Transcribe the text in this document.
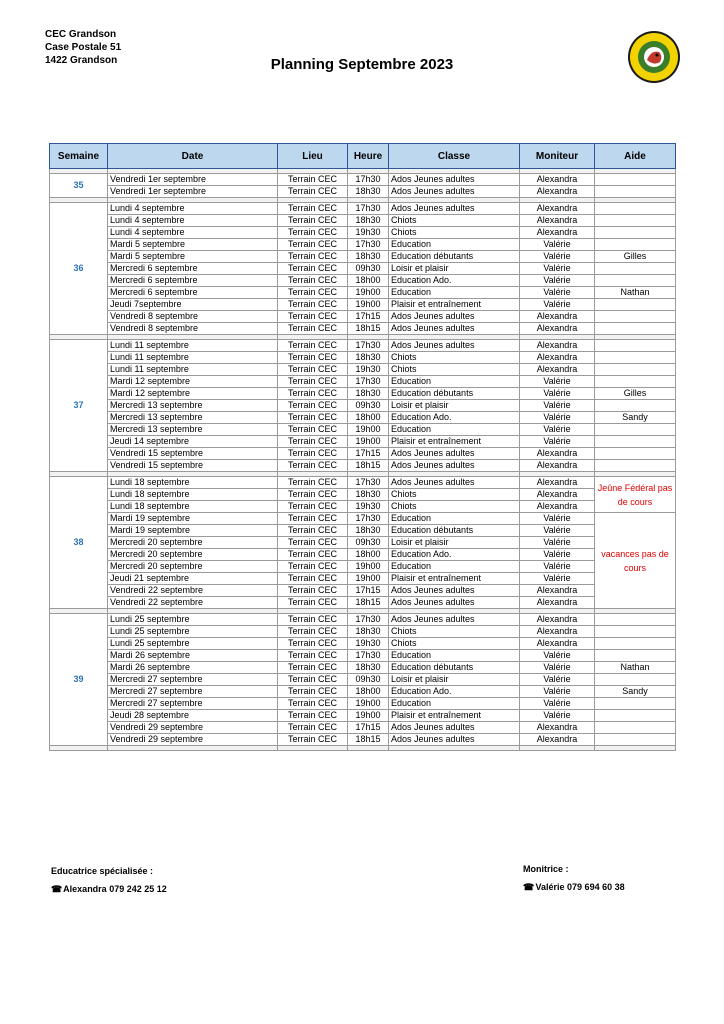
CEC Grandson
Case Postale 51
1422 Grandson	Planning Septembre 2023
Semaine	Date	Lieu	Heure	Classe	Moniteur	Aide

35	Vendredi 1er septembre	Terrain CEC	17h30	Ados Jeunes adultes	Alexandra	
	Vendredi 1er septembre	Terrain CEC	18h30	Ados Jeunes adultes	Alexandra	

36	Lundi 4 septembre	Terrain CEC	17h30	Ados Jeunes adultes	Alexandra	
	Lundi 4 septembre	Terrain CEC	18h30	Chiots	Alexandra	
	Lundi 4 septembre	Terrain CEC	19h30	Chiots	Alexandra	
	Mardi 5 septembre	Terrain CEC	17h30	Education	Valérie	
	Mardi 5 septembre	Terrain CEC	18h30	Education débutants	Valérie	Gilles
	Mercredi 6 septembre	Terrain CEC	09h30	Loisir et plaisir	Valérie	
	Mercredi 6 septembre	Terrain CEC	18h00	Education Ado.	Valérie	
	Mercredi 6 septembre	Terrain CEC	19h00	Education	Valérie	Nathan
	Jeudi 7septembre	Terrain CEC	19h00	Plaisir et entraînement	Valérie	
	Vendredi 8 septembre	Terrain CEC	17h15	Ados Jeunes adultes	Alexandra	
	Vendredi 8 septembre	Terrain CEC	18h15	Ados Jeunes adultes	Alexandra	

37	Lundi 11 septembre	Terrain CEC	17h30	Ados Jeunes adultes	Alexandra	
	Lundi 11 septembre	Terrain CEC	18h30	Chiots	Alexandra	
	Lundi 11 septembre	Terrain CEC	19h30	Chiots	Alexandra	
	Mardi 12 septembre	Terrain CEC	17h30	Education	Valérie	
	Mardi 12 septembre	Terrain CEC	18h30	Education débutants	Valérie	Gilles
	Mercredi 13 septembre	Terrain CEC	09h30	Loisir et plaisir	Valérie	
	Mercredi 13 septembre	Terrain CEC	18h00	Education Ado.	Valérie	Sandy
	Mercredi 13 septembre	Terrain CEC	19h00	Education	Valérie	
	Jeudi 14 septembre	Terrain CEC	19h00	Plaisir et entraînement	Valérie	
	Vendredi 15 septembre	Terrain CEC	17h15	Ados Jeunes adultes	Alexandra	
	Vendredi 15 septembre	Terrain CEC	18h15	Ados Jeunes adultes	Alexandra	

38	Lundi 18 septembre	Terrain CEC	17h30	Ados Jeunes adultes	Alexandra	Jeûne Fédéral pas de cours
	Lundi 18 septembre	Terrain CEC	18h30	Chiots	Alexandra	
	Lundi 18 septembre	Terrain CEC	19h30	Chiots	Alexandra	
	Mardi 19 septembre	Terrain CEC	17h30	Education	Valérie	vacances pas de cours
	Mardi 19 septembre	Terrain CEC	18h30	Education débutants	Valérie	
	Mercredi 20 septembre	Terrain CEC	09h30	Loisir et plaisir	Valérie	
	Mercredi 20 septembre	Terrain CEC	18h00	Education Ado.	Valérie	
	Mercredi 20 septembre	Terrain CEC	19h00	Education	Valérie	
	Jeudi 21 septembre	Terrain CEC	19h00	Plaisir et entraînement	Valérie	
	Vendredi 22 septembre	Terrain CEC	17h15	Ados Jeunes adultes	Alexandra	
	Vendredi 22 septembre	Terrain CEC	18h15	Ados Jeunes adultes	Alexandra	

39	Lundi 25 septembre	Terrain CEC	17h30	Ados Jeunes adultes	Alexandra	
	Lundi 25 septembre	Terrain CEC	18h30	Chiots	Alexandra	
	Lundi 25 septembre	Terrain CEC	19h30	Chiots	Alexandra	
	Mardi 26 septembre	Terrain CEC	17h30	Education	Valérie	
	Mardi 26 septembre	Terrain CEC	18h30	Education débutants	Valérie	Nathan
	Mercredi 27 septembre	Terrain CEC	09h30	Loisir et plaisir	Valérie	
	Mercredi 27 septembre	Terrain CEC	18h00	Education Ado.	Valérie	Sandy
	Mercredi 27 septembre	Terrain CEC	19h00	Education	Valérie	
	Jeudi 28 septembre	Terrain CEC	19h00	Plaisir et entraînement	Valérie	
	Vendredi 29 septembre	Terrain CEC	17h15	Ados Jeunes adultes	Alexandra	
	Vendredi 29 septembre	Terrain CEC	18h15	Ados Jeunes adultes	Alexandra	

Educatrice spécialisée :
☎ Alexandra 079 242 25 12
Monitrice :
☎ Valérie 079 694 60 38
